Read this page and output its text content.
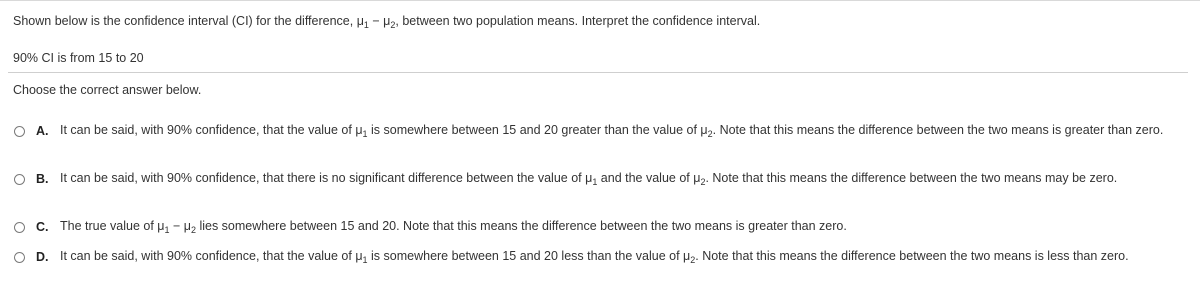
Shown below is the confidence interval (CI) for the difference, $\mu_1 - \mu_2$, between two population means. Interpret the confidence interval.
90% CI is from 15 to 20
Choose the correct answer below.
A. It can be said, with 90% confidence, that the value of $\mu_1$ is somewhere between 15 and 20 greater than the value of $\mu_2$. Note that this means the difference between the two means is greater than zero.
B. It can be said, with 90% confidence, that there is no significant difference between the value of $\mu_1$ and the value of $\mu_2$. Note that this means the difference between the two means may be zero.
C. The true value of $\mu_1 - \mu_2$ lies somewhere between 15 and 20. Note that this means the difference between the two means is greater than zero.
D. It can be said, with 90% confidence, that the value of $\mu_1$ is somewhere between 15 and 20 less than the value of $\mu_2$. Note that this means the difference between the two means is less than zero.
